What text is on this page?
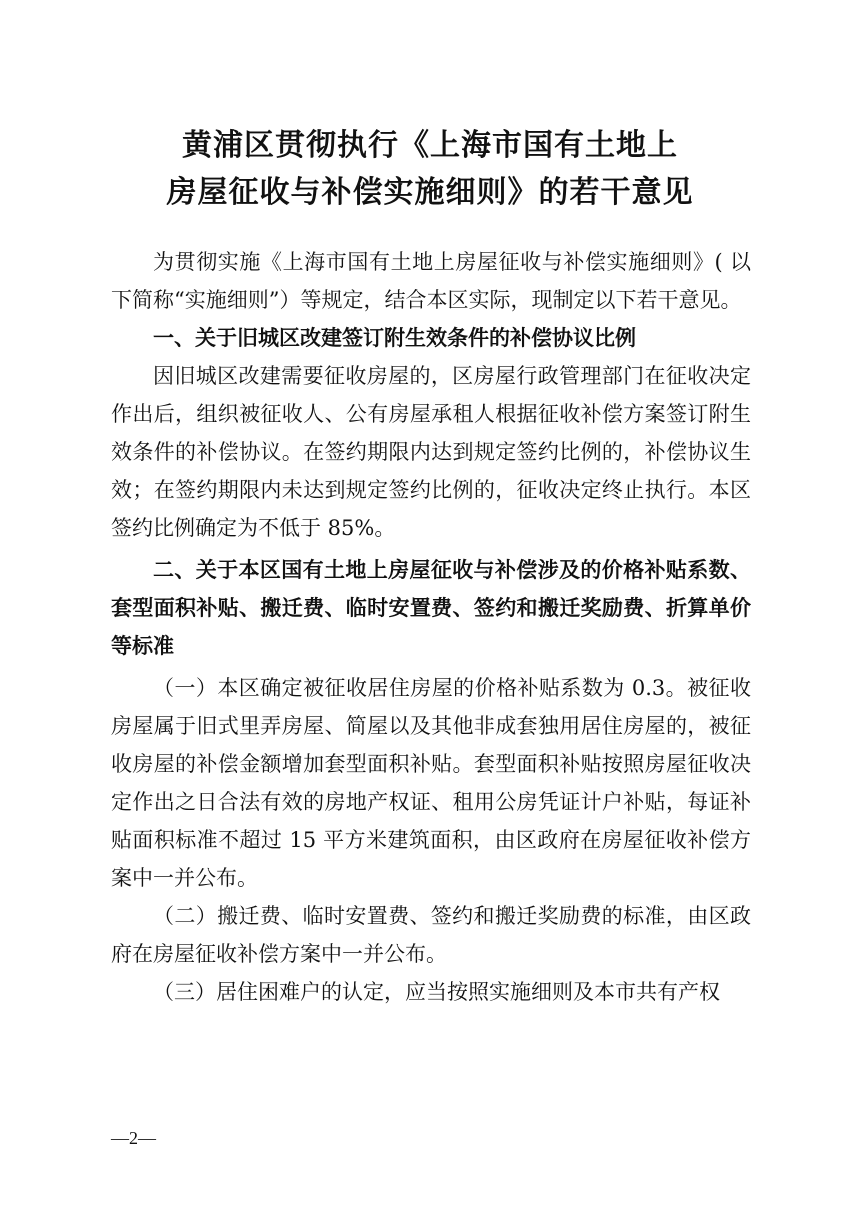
黄浦区贯彻执行《上海市国有土地上
房屋征收与补偿实施细则》的若干意见

为贯彻实施《上海市国有土地上房屋征收与补偿实施细则》( 以下简称“实施细则”）等规定，结合本区实际，现制定以下若干意见。

一、关于旧城区改建签订附生效条件的补偿协议比例

因旧城区改建需要征收房屋的，区房屋行政管理部门在征收决定作出后，组织被征收人、公有房屋承租人根据征收补偿方案签订附生效条件的补偿协议。在签约期限内达到规定签约比例的，补偿协议生效；在签约期限内未达到规定签约比例的，征收决定终止执行。本区签约比例确定为不低于 85%。

二、关于本区国有土地上房屋征收与补偿涉及的价格补贴系数、套型面积补贴、搬迁费、临时安置费、签约和搬迁奖励费、折算单价等标准

（一）本区确定被征收居住房屋的价格补贴系数为 0.3。被征收房屋属于旧式里弄房屋、简屋以及其他非成套独用居住房屋的，被征收房屋的补偿金额增加套型面积补贴。套型面积补贴按照房屋征收决定作出之日合法有效的房地产权证、租用公房凭证计户补贴，每证补贴面积标准不超过 15 平方米建筑面积，由区政府在房屋征收补偿方案中一并公布。

（二）搬迁费、临时安置费、签约和搬迁奖励费的标准，由区政府在房屋征收补偿方案中一并公布。

（三）居住困难户的认定，应当按照实施细则及本市共有产权

—2—
